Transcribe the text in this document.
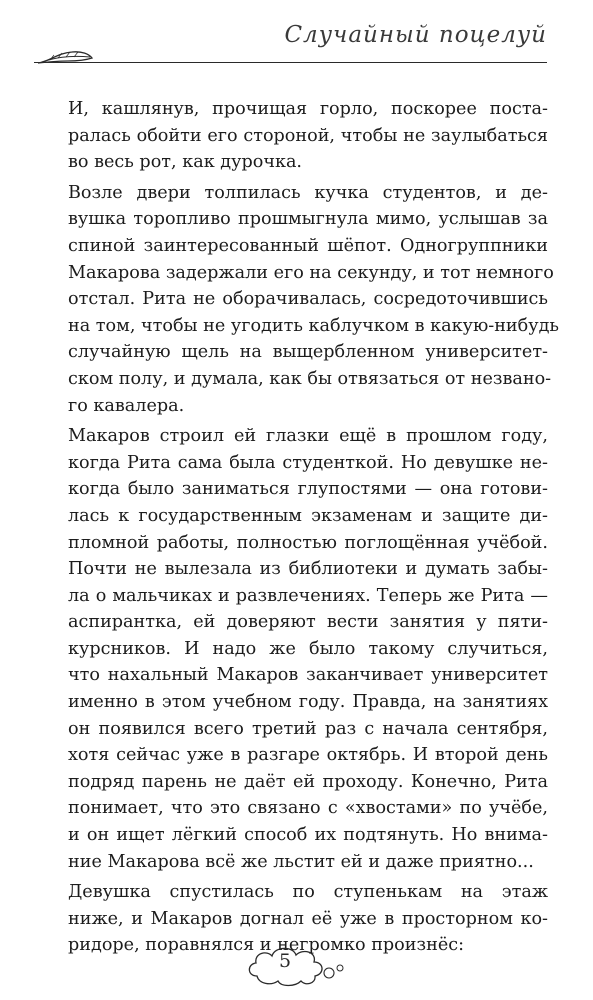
Случайный поцелуй

И, кашлянув, прочищая горло, поскорее поста-
ралась обойти его стороной, чтобы не заулыбаться
во весь рот, как дурочка.

Возле двери толпилась кучка студентов, и де-
вушка торопливо прошмыгнула мимо, услышав за
спиной заинтересованный шёпот. Одногруппники
Макарова задержали его на секунду, и тот немного
отстал. Рита не оборачивалась, сосредоточившись
на том, чтобы не угодить каблучком в какую-нибудь
случайную щель на выщербленном университет-
ском полу, и думала, как бы отвязаться от незвано-
го кавалера.

Макаров строил ей глазки ещё в прошлом году,
когда Рита сама была студенткой. Но девушке не-
когда было заниматься глупостями — она готови-
лась к государственным экзаменам и защите ди-
пломной работы, полностью поглощённая учёбой.
Почти не вылезала из библиотеки и думать забы-
ла о мальчиках и развлечениях. Теперь же Рита —
аспирантка, ей доверяют вести занятия у пяти-
курсников. И надо же было такому случиться,
что нахальный Макаров заканчивает университет
именно в этом учебном году. Правда, на занятиях
он появился всего третий раз с начала сентября,
хотя сейчас уже в разгаре октябрь. И второй день
подряд парень не даёт ей проходу. Конечно, Рита
понимает, что это связано с «хвостами» по учёбе,
и он ищет лёгкий способ их подтянуть. Но внима-
ние Макарова всё же льстит ей и даже приятно...

Девушка спустилась по ступенькам на этаж
ниже, и Макаров догнал её уже в просторном ко-
ридоре, поравнялся и негромко произнёс:

5
